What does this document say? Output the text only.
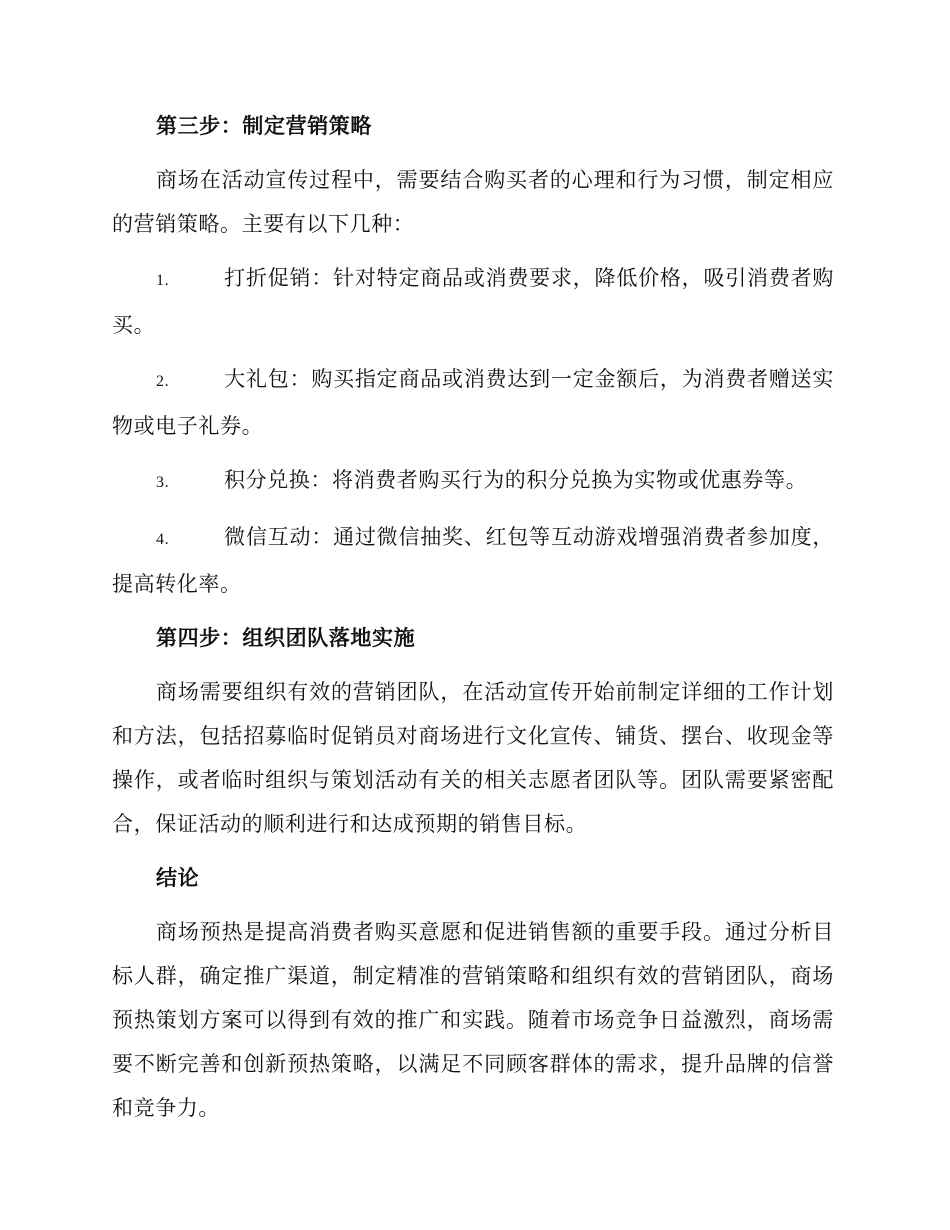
第三步：制定营销策略

商场在活动宣传过程中，需要结合购买者的心理和行为习惯，制定相应的营销策略。主要有以下几种：

1.	打折促销：针对特定商品或消费要求，降低价格，吸引消费者购买。

2.	大礼包：购买指定商品或消费达到一定金额后，为消费者赠送实物或电子礼券。

3.	积分兑换：将消费者购买行为的积分兑换为实物或优惠券等。

4.	微信互动：通过微信抽奖、红包等互动游戏增强消费者参加度，提高转化率。

第四步：组织团队落地实施

商场需要组织有效的营销团队，在活动宣传开始前制定详细的工作计划和方法，包括招募临时促销员对商场进行文化宣传、铺货、摆台、收现金等操作，或者临时组织与策划活动有关的相关志愿者团队等。团队需要紧密配合，保证活动的顺利进行和达成预期的销售目标。

结论

商场预热是提高消费者购买意愿和促进销售额的重要手段。通过分析目标人群，确定推广渠道，制定精准的营销策略和组织有效的营销团队，商场预热策划方案可以得到有效的推广和实践。随着市场竞争日益激烈，商场需要不断完善和创新预热策略，以满足不同顾客群体的需求，提升品牌的信誉和竞争力。
